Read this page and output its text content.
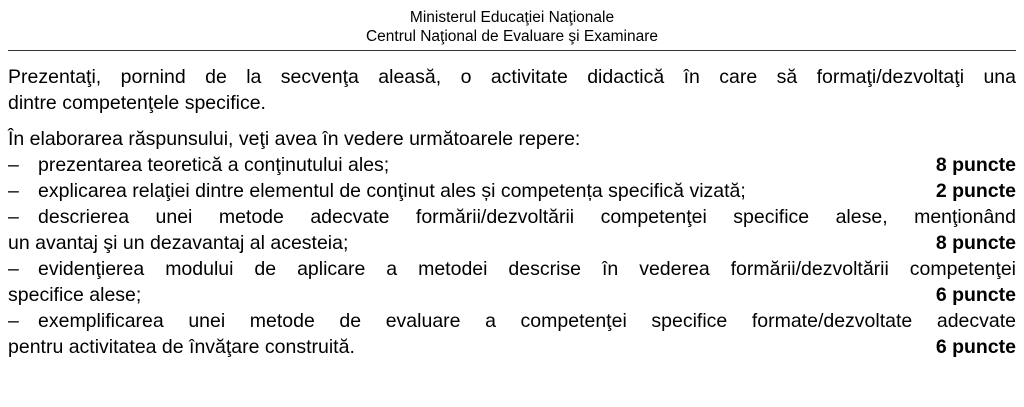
Ministerul Educaţiei Naţionale
Centrul Naţional de Evaluare şi Examinare
Prezentaţi, pornind de la secvenţa aleasă, o activitate didactică în care să formaţi/dezvoltaţi una
dintre competenţele specifice.
În elaborarea răspunsului, veţi avea în vedere următoarele repere:
– prezentarea teoretică a conţinutului ales;	8 puncte
– explicarea relaţiei dintre elementul de conţinut ales și competența specifică vizată;	2 puncte
– descrierea unei metode adecvate formării/dezvoltării competenţei specifice alese, menţionând
un avantaj şi un dezavantaj al acesteia;	8 puncte
– evidenţierea modului de aplicare a metodei descrise în vederea formării/dezvoltării competenţei
specifice alese;	6 puncte
– exemplificarea unei metode de evaluare a competenţei specifice formate/dezvoltate adecvate
pentru activitatea de învăţare construită.	6 puncte
